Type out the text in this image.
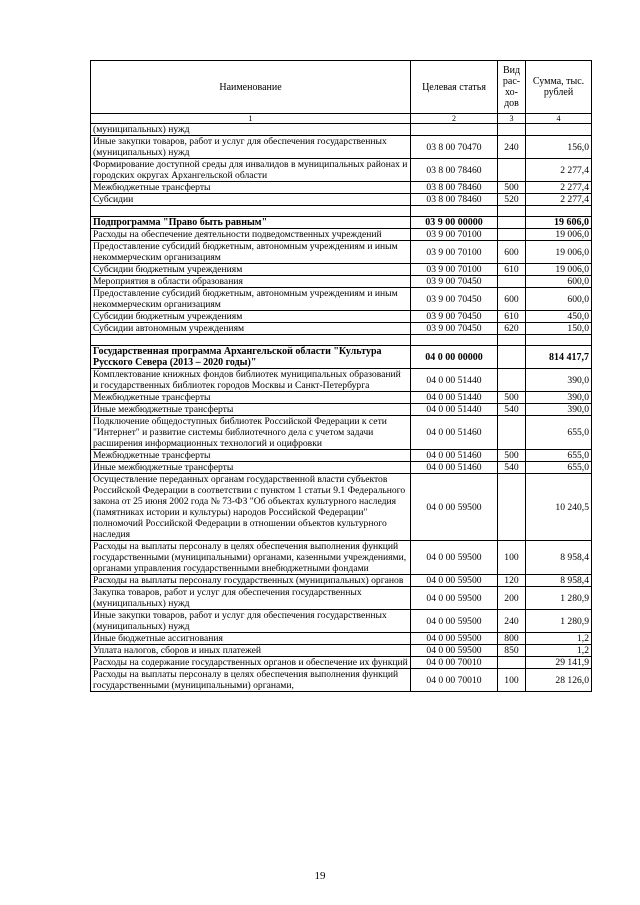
Наименование	Целевая статья	Вид рас- хо- дов	Сумма, тыс. рублей
1	2	3	4
(муниципальных) нужд			
Иные закупки товаров, работ и услуг для обеспечения государственных (муниципальных) нужд	03 8 00 70470	240	156,0
Формирование доступной среды для инвалидов в муниципальных районах и городских округах Архангельской области	03 8 00 78460		2 277,4
Межбюджетные трансферты	03 8 00 78460	500	2 277,4
Субсидии	03 8 00 78460	520	2 277,4

Подпрограмма "Право быть равным"	03 9 00 00000		19 606,0
Расходы на обеспечение деятельности подведомственных учреждений	03 9 00 70100		19 006,0
Предоставление субсидий бюджетным, автономным учреждениям и иным некоммерческим организациям	03 9 00 70100	600	19 006,0
Субсидии бюджетным учреждениям	03 9 00 70100	610	19 006,0
Мероприятия в области образования	03 9 00 70450		600,0
Предоставление субсидий бюджетным, автономным учреждениям и иным некоммерческим организациям	03 9 00 70450	600	600,0
Субсидии бюджетным учреждениям	03 9 00 70450	610	450,0
Субсидии автономным учреждениям	03 9 00 70450	620	150,0

Государственная программа Архангельской области "Культура Русского Севера (2013 – 2020 годы)"	04 0 00 00000		814 417,7
Комплектование книжных фондов библиотек муниципальных образований и государственных библиотек городов Москвы и Санкт-Петербурга	04 0 00 51440		390,0
Межбюджетные трансферты	04 0 00 51440	500	390,0
Иные межбюджетные трансферты	04 0 00 51440	540	390,0
Подключение общедоступных библиотек Российской Федерации к сети "Интернет" и развитие системы библиотечного дела с учетом задачи расширения информационных технологий и оцифровки	04 0 00 51460		655,0
Межбюджетные трансферты	04 0 00 51460	500	655,0
Иные межбюджетные трансферты	04 0 00 51460	540	655,0
Осуществление переданных органам государственной власти субъектов Российской Федерации в соответствии с пунктом 1 статьи 9.1 Федерального закона от 25 июня 2002 года № 73-ФЗ "Об объектах культурного наследия (памятниках истории и культуры) народов Российской Федерации" полномочий Российской Федерации в отношении объектов культурного наследия	04 0 00 59500		10 240,5
Расходы на выплаты персоналу в целях обеспечения выполнения функций государственными (муниципальными) органами, казенными учреждениями, органами управления государственными внебюджетными фондами	04 0 00 59500	100	8 958,4
Расходы на выплаты персоналу государственных (муниципальных) органов	04 0 00 59500	120	8 958,4
Закупка товаров, работ и услуг для обеспечения государственных (муниципальных) нужд	04 0 00 59500	200	1 280,9
Иные закупки товаров, работ и услуг для обеспечения государственных (муниципальных) нужд	04 0 00 59500	240	1 280,9
Иные бюджетные ассигнования	04 0 00 59500	800	1,2
Уплата налогов, сборов и иных платежей	04 0 00 59500	850	1,2
Расходы на содержание государственных органов и обеспечение их функций	04 0 00 70010		29 141,9
Расходы на выплаты персоналу в целях обеспечения выполнения функций государственными (муниципальными) органами,	04 0 00 70010	100	28 126,0
19
